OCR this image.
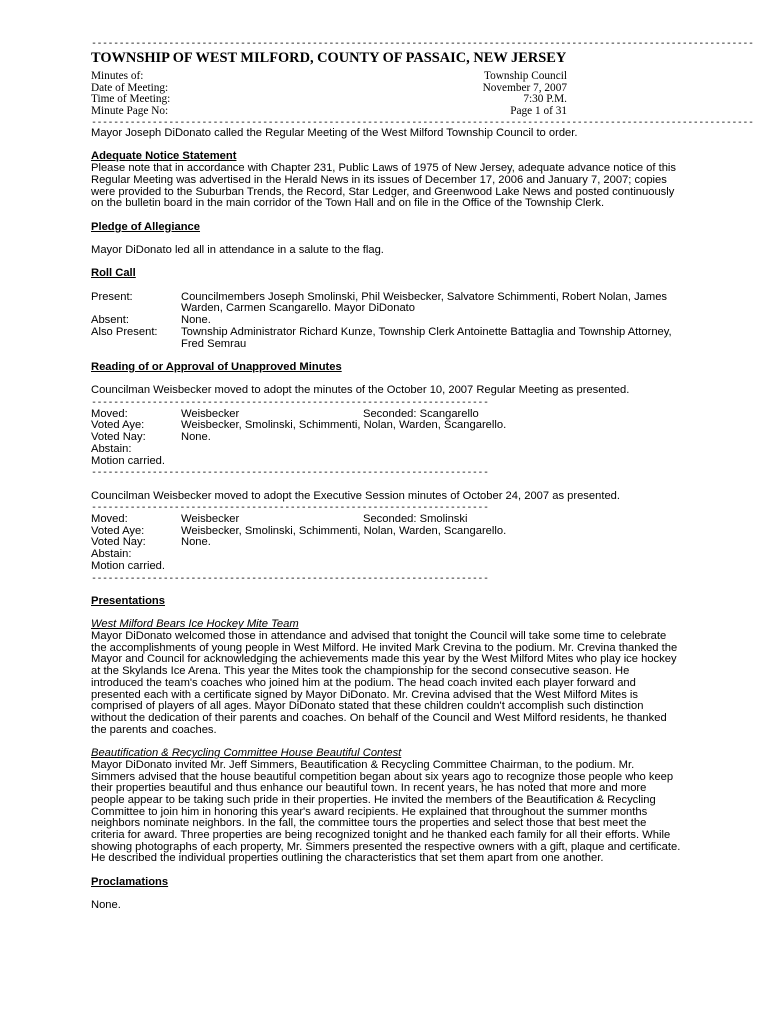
------------------------------------------------------------------------------------------------------------------------
TOWNSHIP OF WEST MILFORD, COUNTY OF PASSAIC, NEW JERSEY
Minutes of:	Township Council
Date of Meeting:	November 7, 2007
Time of Meeting:	7:30 P.M.
Minute Page No:	Page 1 of 31
------------------------------------------------------------------------------------------------------------------------

Mayor Joseph DiDonato called the Regular Meeting of the West Milford Township Council to order.

Adequate Notice Statement

Please note that in accordance with Chapter 231, Public Laws of 1975 of New Jersey, adequate advance notice of this Regular Meeting was advertised in the Herald News in its issues of December 17, 2006 and January 7, 2007; copies were provided to the Suburban Trends, the Record, Star Ledger, and Greenwood Lake News and posted continuously on the bulletin board in the main corridor of the Town Hall and on file in the Office of the Township Clerk.

Pledge of Allegiance

Mayor DiDonato led all in attendance in a salute to the flag.

Roll Call

Present:	Councilmembers Joseph Smolinski, Phil Weisbecker, Salvatore Schimmenti, Robert Nolan, James Warden, Carmen Scangarello. Mayor DiDonato
Absent:	None.
Also Present:	Township Administrator Richard Kunze, Township Clerk Antoinette Battaglia and Township Attorney, Fred Semrau

Reading of or Approval of Unapproved Minutes

Councilman Weisbecker moved to adopt the minutes of the October 10, 2007 Regular Meeting as presented.

------------------------------------------------------------------------
Moved:	Weisbecker	Seconded: Scangarello
Voted Aye:	Weisbecker, Smolinski, Schimmenti, Nolan, Warden, Scangarello.
Voted Nay:	None.
Abstain:

Motion carried.

------------------------------------------------------------------------

Councilman Weisbecker moved to adopt the Executive Session minutes of October 24, 2007 as presented.

------------------------------------------------------------------------
Moved:	Weisbecker	Seconded: Smolinski
Voted Aye:	Weisbecker, Smolinski, Schimmenti, Nolan, Warden, Scangarello.
Voted Nay:	None.
Abstain:

Motion carried.

------------------------------------------------------------------------

Presentations

West Milford Bears Ice Hockey Mite Team

Mayor DiDonato welcomed those in attendance and advised that tonight the Council will take some time to celebrate the accomplishments of young people in West Milford. He invited Mark Crevina to the podium. Mr. Crevina thanked the Mayor and Council for acknowledging the achievements made this year by the West Milford Mites who play ice hockey at the Skylands Ice Arena. This year the Mites took the championship for the second consecutive season. He introduced the team's coaches who joined him at the podium. The head coach invited each player forward and presented each with a certificate signed by Mayor DiDonato. Mr. Crevina advised that the West Milford Mites is comprised of players of all ages. Mayor DiDonato stated that these children couldn't accomplish such distinction without the dedication of their parents and coaches. On behalf of the Council and West Milford residents, he thanked the parents and coaches.

Beautification & Recycling Committee House Beautiful Contest

Mayor DiDonato invited Mr. Jeff Simmers, Beautification & Recycling Committee Chairman, to the podium. Mr. Simmers advised that the house beautiful competition began about six years ago to recognize those people who keep their properties beautiful and thus enhance our beautiful town. In recent years, he has noted that more and more people appear to be taking such pride in their properties. He invited the members of the Beautification & Recycling Committee to join him in honoring this year's award recipients. He explained that throughout the summer months neighbors nominate neighbors. In the fall, the committee tours the properties and select those that best meet the criteria for award. Three properties are being recognized tonight and he thanked each family for all their efforts. While showing photographs of each property, Mr. Simmers presented the respective owners with a gift, plaque and certificate. He described the individual properties outlining the characteristics that set them apart from one another.

Proclamations

None.
